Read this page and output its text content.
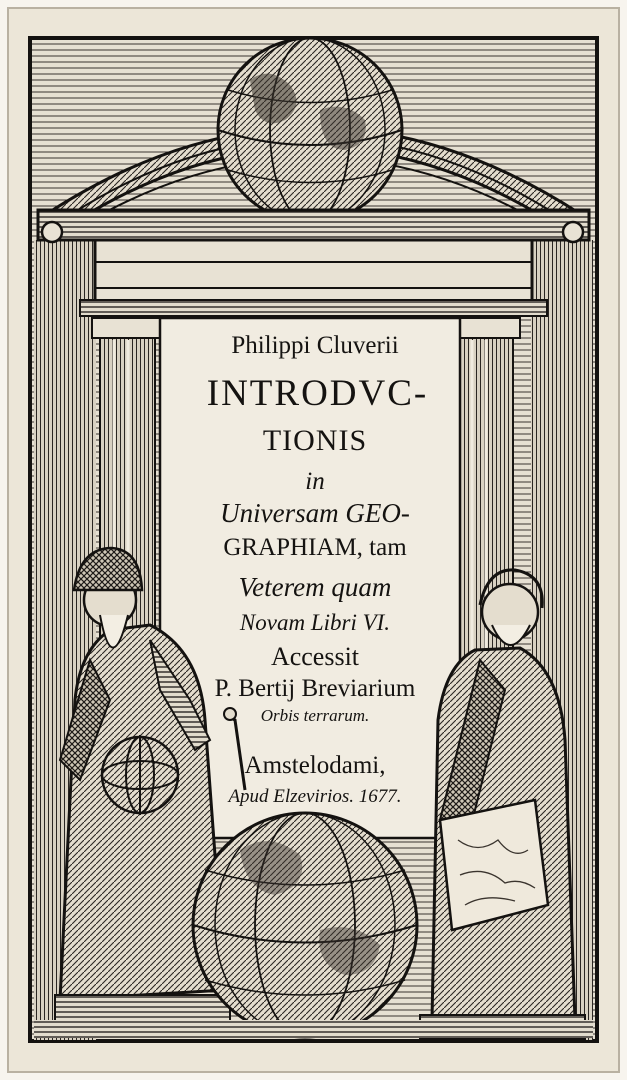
Philippi Cluverii
INTRODVC-
TIONIS
in
Universam GEO-
GRAPHIAM, tam
Veterem quam
Novam Libri VI.
Accessit
P. Bertij Breviarium
Orbis terrarum.
Amstelodami,
Apud Elzevirios. 1677.
